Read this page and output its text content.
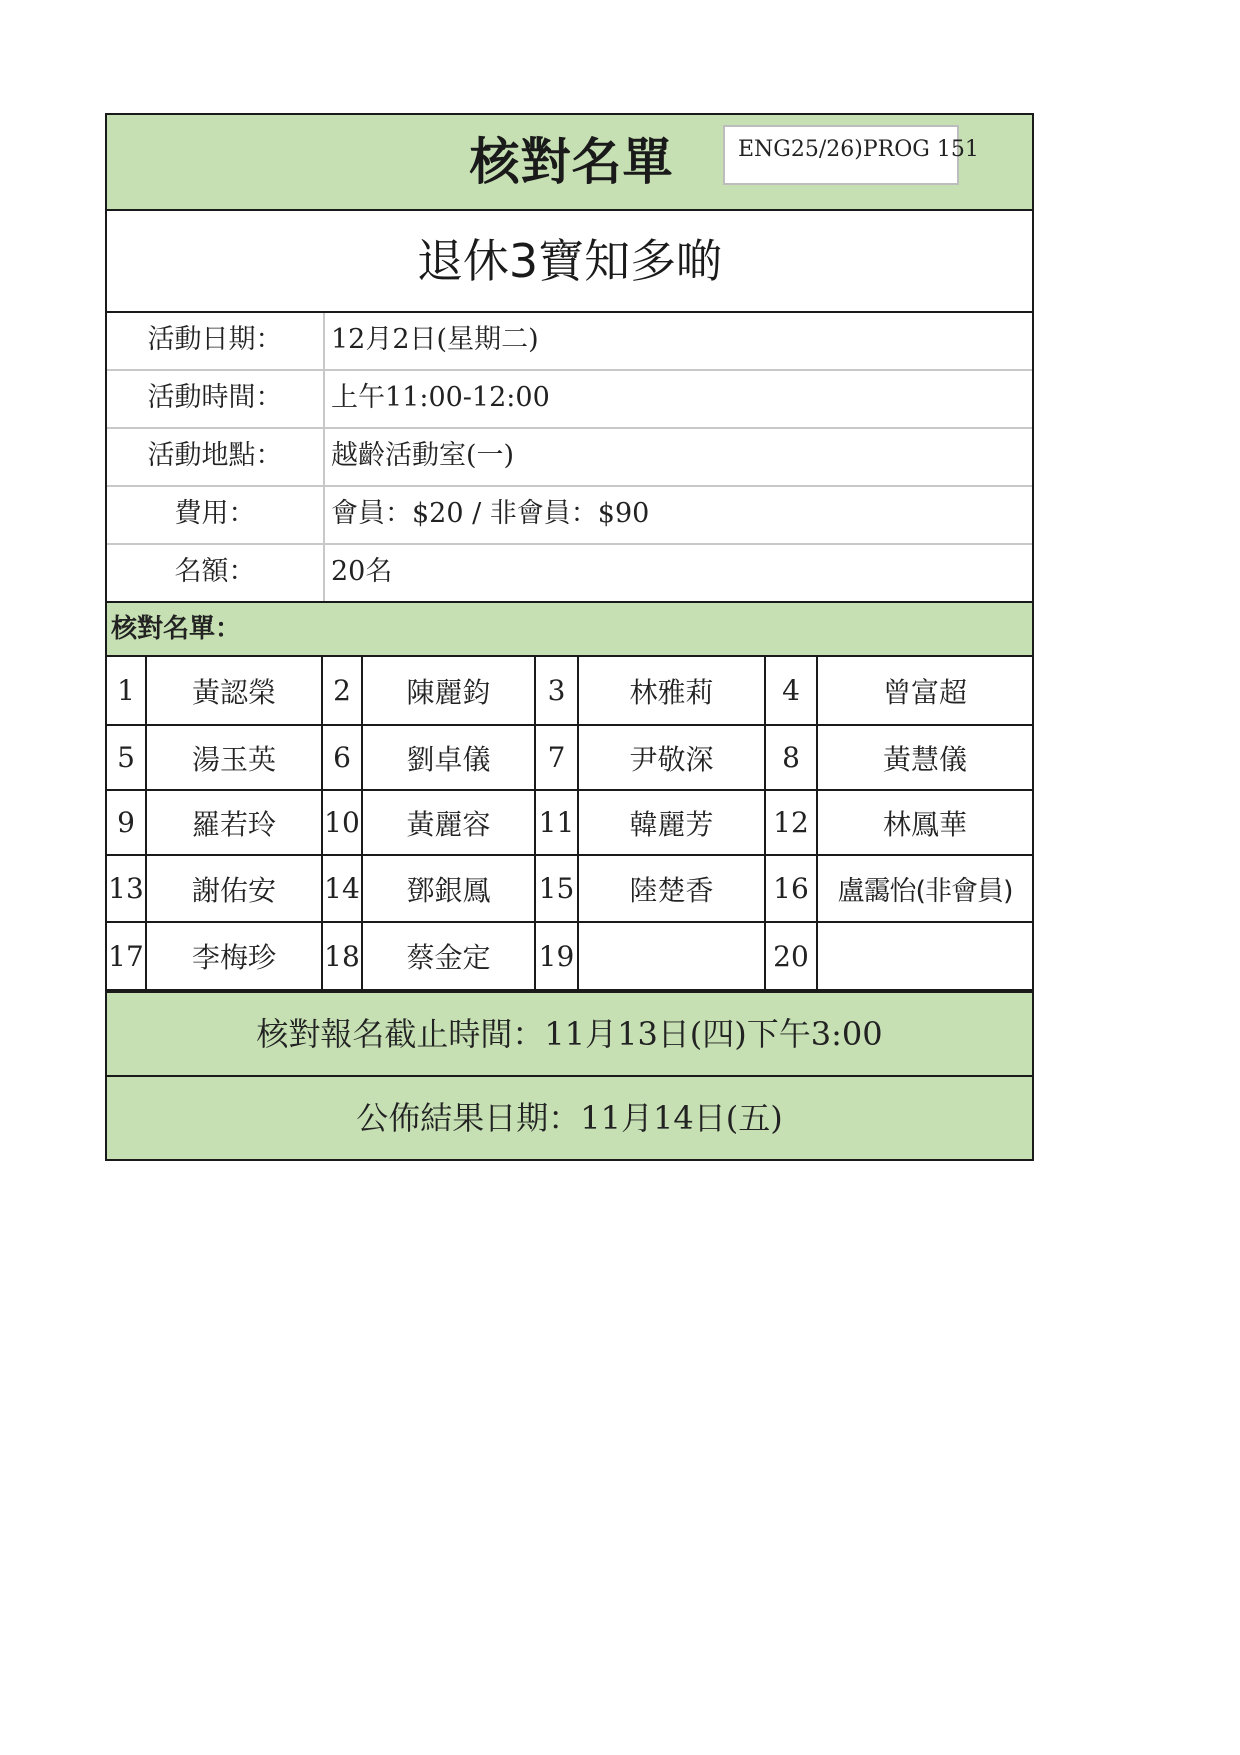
核對名單	ENG25/26)PROG 151
退休3寶知多啲
活動日期：	12月2日(星期二)
活動時間：	上午11:00-12:00
活動地點：	越齡活動室(一)
費用：	會員：$20 / 非會員：$90
名額：	20名
核對名單：
1	黃認榮	2	陳麗鈞	3	林雅莉	4	曾富超
5	湯玉英	6	劉卓儀	7	尹敬深	8	黃慧儀
9	羅若玲	10	黃麗容	11	韓麗芳	12	林鳳華
13	謝佑安	14	鄧銀鳳	15	陸楚香	16	盧靄怡(非會員)
17	李梅珍	18	蔡金定	19		20	
核對報名截止時間：11月13日(四)下午3:00
公佈結果日期：11月14日(五)
